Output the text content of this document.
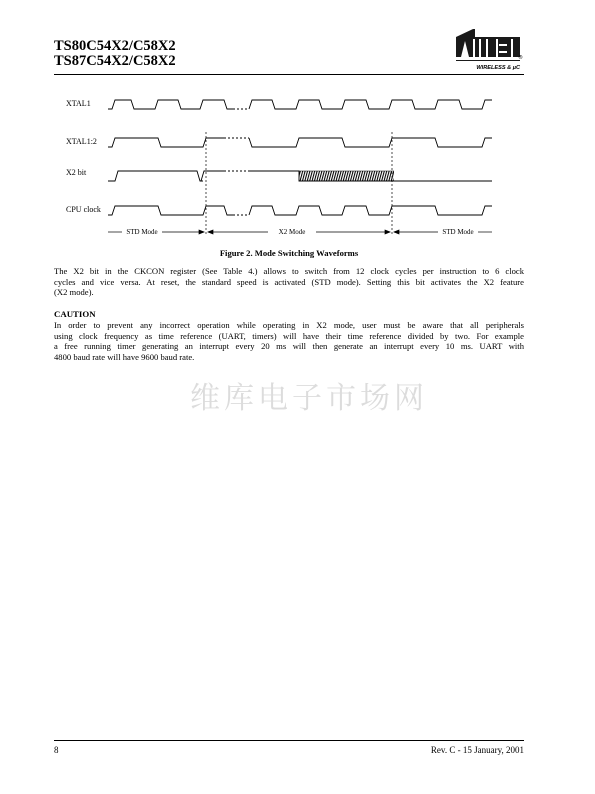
TS80C54X2/C58X2
TS87C54X2/C58X2
AtMEL
®
WIRELESS & µC
XTAL1
XTAL1:2
X2 bit
CPU clock
STD Mode	X2 Mode	STD Mode
Figure 2. Mode Switching Waveforms
The X2 bit in the CKCON register (See Table 4.) allows to switch from 12 clock cycles per instruction to 6 clock
cycles and vice versa. At reset, the standard speed is activated (STD mode). Setting this bit activates the X2 feature
(X2 mode).
CAUTION
In order to prevent any incorrect operation while operating in X2 mode, user must be aware that all peripherals
using clock frequency as time reference (UART, timers) will have their time reference divided by two. For example
a free running timer generating an interrupt every 20 ms will then generate an interrupt every 10 ms. UART with
4800 baud rate will have 9600 baud rate.
维库电子市场网
8	Rev. C - 15 January, 2001
